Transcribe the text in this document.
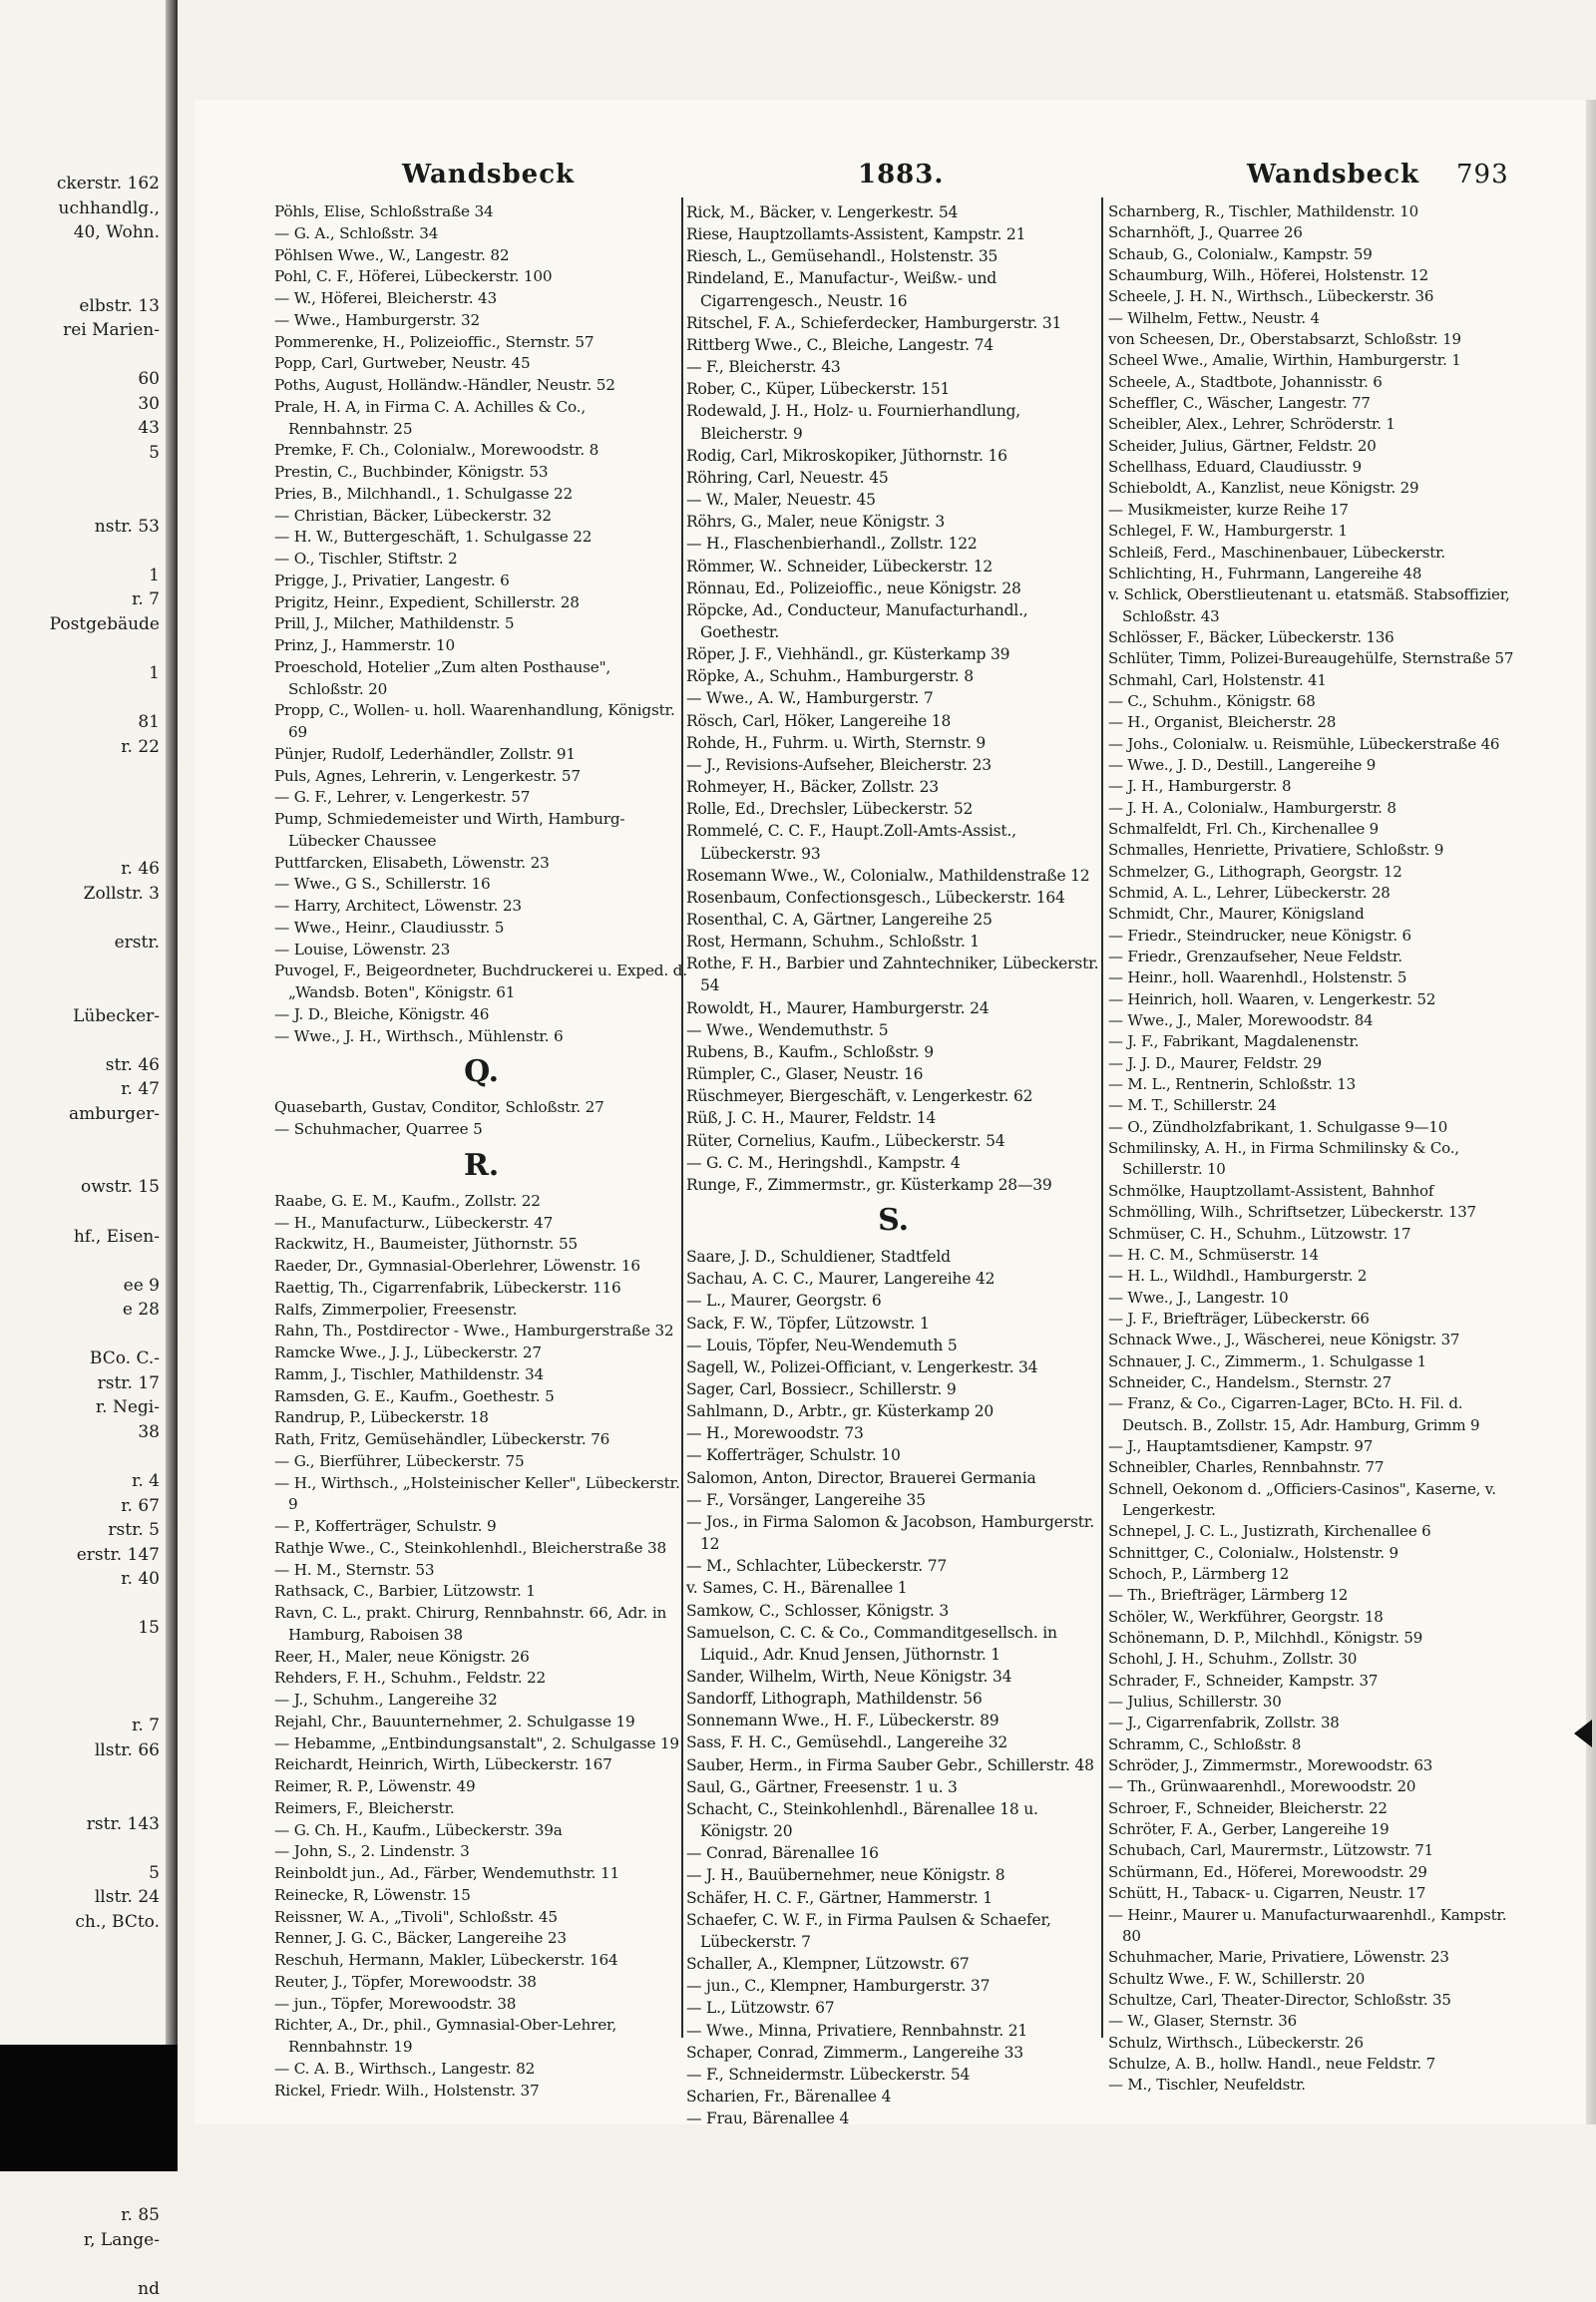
ckerstr. 162
uchhandlg.,
40, Wohn.
elbstr. 13
rei Marien-
60
30
43
5
nstr. 53
1
r. 7
Postgebäude
1
81
r. 22
r. 46
Zollstr. 3
erstr.
Lübecker-
str. 46
r. 47
amburger-
owstr. 15
hf., Eisen-
ee 9
e 28
BCo. C.-
rstr. 17
r. Negi-
38
r. 4
r. 67
rstr. 5
erstr. 147
r. 40
15
r. 7
llstr. 66
rstr. 143
5
llstr. 24
ch., BCto.
r. 85
r, Lange-
nd
Wandsbeck	1883.	Wandsbeck 793
Pöhls, Elise, Schloßstraße 34
— G. A., Schloßstr. 34
Pöhlsen Wwe., W., Langestr. 82
Pohl, C. F., Höferei, Lübeckerstr. 100
— W., Höferei, Bleicherstr. 43
— Wwe., Hamburgerstr. 32
Pommerenke, H., Polizeioffic., Sternstr. 57
Popp, Carl, Gurtweber, Neustr. 45
Poths, August, Holländw.-Händler, Neustr. 52
Prale, H. A, in Firma C. A. Achilles & Co., Rennbahnstr. 25
Premke, F. Ch., Colonialw., Morewoodstr. 8
Prestin, C., Buchbinder, Königstr. 53
Pries, B., Milchhandl., 1. Schulgasse 22
— Christian, Bäcker, Lübeckerstr. 32
— H. W., Buttergeschäft, 1. Schulgasse 22
— O., Tischler, Stiftstr. 2
Prigge, J., Privatier, Langestr. 6
Prigitz, Heinr., Expedient, Schillerstr. 28
Prill, J., Milcher, Mathildenstr. 5
Prinz, J., Hammerstr. 10
Proeschold, Hotelier „Zum alten Posthause", Schloßstr. 20
Propp, C., Wollen- u. holl. Waarenhandlung, Königstr. 69
Pünjer, Rudolf, Lederhändler, Zollstr. 91
Puls, Agnes, Lehrerin, v. Lengerkestr. 57
— G. F., Lehrer, v. Lengerkestr. 57
Pump, Schmiedemeister und Wirth, Hamburg-Lübecker Chaussee
Puttfarcken, Elisabeth, Löwenstr. 23
— Wwe., G S., Schillerstr. 16
— Harry, Architect, Löwenstr. 23
— Wwe., Heinr., Claudiusstr. 5
— Louise, Löwenstr. 23
Puvogel, F., Beigeordneter, Buchdruckerei u. Exped. d. „Wandsb. Boten", Königstr. 61
— J. D., Bleiche, Königstr. 46
— Wwe., J. H., Wirthsch., Mühlenstr. 6
Q.
Quasebarth, Gustav, Conditor, Schloßstr. 27
— Schuhmacher, Quarree 5
R.
Raabe, G. E. M., Kaufm., Zollstr. 22
— H., Manufacturw., Lübeckerstr. 47
Rackwitz, H., Baumeister, Jüthornstr. 55
Raeder, Dr., Gymnasial-Oberlehrer, Löwenstr. 16
Raettig, Th., Cigarrenfabrik, Lübeckerstr. 116
Ralfs, Zimmerpolier, Freesenstr.
Rahn, Th., Postdirector - Wwe., Hamburgerstraße 32
Ramcke Wwe., J. J., Lübeckerstr. 27
Ramm, J., Tischler, Mathildenstr. 34
Ramsden, G. E., Kaufm., Goethestr. 5
Randrup, P., Lübeckerstr. 18
Rath, Fritz, Gemüsehändler, Lübeckerstr. 76
— G., Bierführer, Lübeckerstr. 75
— H., Wirthsch., „Holsteinischer Keller", Lübeckerstr. 9
— P., Kofferträger, Schulstr. 9
Rathje Wwe., C., Steinkohlenhdl., Bleicherstraße 38
— H. M., Sternstr. 53
Rathsack, C., Barbier, Lützowstr. 1
Ravn, C. L., prakt. Chirurg, Rennbahnstr. 66, Adr. in Hamburg, Raboisen 38
Reer, H., Maler, neue Königstr. 26
Rehders, F. H., Schuhm., Feldstr. 22
— J., Schuhm., Langereihe 32
Rejahl, Chr., Bauunternehmer, 2. Schulgasse 19
— Hebamme, „Entbindungsanstalt", 2. Schulgasse 19
Reichardt, Heinrich, Wirth, Lübeckerstr. 167
Reimer, R. P., Löwenstr. 49
Reimers, F., Bleicherstr.
— G. Ch. H., Kaufm., Lübeckerstr. 39a
— John, S., 2. Lindenstr. 3
Reinboldt jun., Ad., Färber, Wendemuthstr. 11
Reinecke, R, Löwenstr. 15
Reissner, W. A., „Tivoli", Schloßstr. 45
Renner, J. G. C., Bäcker, Langereihe 23
Reschuh, Hermann, Makler, Lübeckerstr. 164
Reuter, J., Töpfer, Morewoodstr. 38
— jun., Töpfer, Morewoodstr. 38
Richter, A., Dr., phil., Gymnasial-Ober-Lehrer, Rennbahnstr. 19
— C. A. B., Wirthsch., Langestr. 82
Rickel, Friedr. Wilh., Holstenstr. 37
Rick, M., Bäcker, v. Lengerkestr. 54
Riese, Hauptzollamts-Assistent, Kampstr. 21
Riesch, L., Gemüsehandl., Holstenstr. 35
Rindeland, E., Manufactur-, Weißw.- und Cigarrengesch., Neustr. 16
Ritschel, F. A., Schieferdecker, Hamburgerstr. 31
Rittberg Wwe., C., Bleiche, Langestr. 74
— F., Bleicherstr. 43
Rober, C., Küper, Lübeckerstr. 151
Rodewald, J. H., Holz- u. Fournierhandlung, Bleicherstr. 9
Rodig, Carl, Mikroskopiker, Jüthornstr. 16
Röhring, Carl, Neuestr. 45
— W., Maler, Neuestr. 45
Röhrs, G., Maler, neue Königstr. 3
— H., Flaschenbierhandl., Zollstr. 122
Römmer, W.. Schneider, Lübeckerstr. 12
Rönnau, Ed., Polizeioffic., neue Königstr. 28
Röpcke, Ad., Conducteur, Manufacturhandl., Goethestr.
Röper, J. F., Viehhändl., gr. Küsterkamp 39
Röpke, A., Schuhm., Hamburgerstr. 8
— Wwe., A. W., Hamburgerstr. 7
Rösch, Carl, Höker, Langereihe 18
Rohde, H., Fuhrm. u. Wirth, Sternstr. 9
— J., Revisions-Aufseher, Bleicherstr. 23
Rohmeyer, H., Bäcker, Zollstr. 23
Rolle, Ed., Drechsler, Lübeckerstr. 52
Rommelé, C. C. F., Haupt.Zoll-Amts-Assist., Lübeckerstr. 93
Rosemann Wwe., W., Colonialw., Mathildenstraße 12
Rosenbaum, Confectionsgesch., Lübeckerstr. 164
Rosenthal, C. A, Gärtner, Langereihe 25
Rost, Hermann, Schuhm., Schloßstr. 1
Rothe, F. H., Barbier und Zahntechniker, Lübeckerstr. 54
Rowoldt, H., Maurer, Hamburgerstr. 24
— Wwe., Wendemuthstr. 5
Rubens, B., Kaufm., Schloßstr. 9
Rümpler, C., Glaser, Neustr. 16
Rüschmeyer, Biergeschäft, v. Lengerkestr. 62
Rüß, J. C. H., Maurer, Feldstr. 14
Rüter, Cornelius, Kaufm., Lübeckerstr. 54
— G. C. M., Heringshdl., Kampstr. 4
Runge, F., Zimmermstr., gr. Küsterkamp 28—39
S.
Saare, J. D., Schuldiener, Stadtfeld
Sachau, A. C. C., Maurer, Langereihe 42
— L., Maurer, Georgstr. 6
Sack, F. W., Töpfer, Lützowstr. 1
— Louis, Töpfer, Neu-Wendemuth 5
Sagell, W., Polizei-Officiant, v. Lengerkestr. 34
Sager, Carl, Bossiecr., Schillerstr. 9
Sahlmann, D., Arbtr., gr. Küsterkamp 20
— H., Morewoodstr. 73
— Kofferträger, Schulstr. 10
Salomon, Anton, Director, Brauerei Germania
— F., Vorsänger, Langereihe 35
— Jos., in Firma Salomon & Jacobson, Hamburgerstr. 12
— M., Schlachter, Lübeckerstr. 77
v. Sames, C. H., Bärenallee 1
Samkow, C., Schlosser, Königstr. 3
Samuelson, C. C. & Co., Commanditgesellsch. in Liquid., Adr. Knud Jensen, Jüthornstr. 1
Sander, Wilhelm, Wirth, Neue Königstr. 34
Sandorff, Lithograph, Mathildenstr. 56
Sonnemann Wwe., H. F., Lübeckerstr. 89
Sass, F. H. C., Gemüsehdl., Langereihe 32
Sauber, Herm., in Firma Sauber Gebr., Schillerstr. 48
Saul, G., Gärtner, Freesenstr. 1 u. 3
Schacht, C., Steinkohlenhdl., Bärenallee 18 u. Königstr. 20
— Conrad, Bärenallee 16
— J. H., Bauübernehmer, neue Königstr. 8
Schäfer, H. C. F., Gärtner, Hammerstr. 1
Schaefer, C. W. F., in Firma Paulsen & Schaefer, Lübeckerstr. 7
Schaller, A., Klempner, Lützowstr. 67
— jun., C., Klempner, Hamburgerstr. 37
— L., Lützowstr. 67
— Wwe., Minna, Privatiere, Rennbahnstr. 21
Schaper, Conrad, Zimmerm., Langereihe 33
— F., Schneidermstr. Lübeckerstr. 54
Scharien, Fr., Bärenallee 4
— Frau, Bärenallee 4
Scharnberg, R., Tischler, Mathildenstr. 10
Scharnhöft, J., Quarree 26
Schaub, G., Colonialw., Kampstr. 59
Schaumburg, Wilh., Höferei, Holstenstr. 12
Scheele, J. H. N., Wirthsch., Lübeckerstr. 36
— Wilhelm, Fettw., Neustr. 4
von Scheesen, Dr., Oberstabsarzt, Schloßstr. 19
Scheel Wwe., Amalie, Wirthin, Hamburgerstr. 1
Scheele, A., Stadtbote, Johannisstr. 6
Scheffler, C., Wäscher, Langestr. 77
Scheibler, Alex., Lehrer, Schröderstr. 1
Scheider, Julius, Gärtner, Feldstr. 20
Schellhass, Eduard, Claudiusstr. 9
Schieboldt, A., Kanzlist, neue Königstr. 29
— Musikmeister, kurze Reihe 17
Schlegel, F. W., Hamburgerstr. 1
Schleiß, Ferd., Maschinenbauer, Lübeckerstr.
Schlichting, H., Fuhrmann, Langereihe 48
v. Schlick, Oberstlieutenant u. etatsmäß. Stabsoffizier, Schloßstr. 43
Schlösser, F., Bäcker, Lübeckerstr. 136
Schlüter, Timm, Polizei-Bureaugehülfe, Sternstraße 57
Schmahl, Carl, Holstenstr. 41
— C., Schuhm., Königstr. 68
— H., Organist, Bleicherstr. 28
— Johs., Colonialw. u. Reismühle, Lübeckerstraße 46
— Wwe., J. D., Destill., Langereihe 9
— J. H., Hamburgerstr. 8
— J. H. A., Colonialw., Hamburgerstr. 8
Schmalfeldt, Frl. Ch., Kirchenallee 9
Schmalles, Henriette, Privatiere, Schloßstr. 9
Schmelzer, G., Lithograph, Georgstr. 12
Schmid, A. L., Lehrer, Lübeckerstr. 28
Schmidt, Chr., Maurer, Königsland
— Friedr., Steindrucker, neue Königstr. 6
— Friedr., Grenzaufseher, Neue Feldstr.
— Heinr., holl. Waarenhdl., Holstenstr. 5
— Heinrich, holl. Waaren, v. Lengerkestr. 52
— Wwe., J., Maler, Morewoodstr. 84
— J. F., Fabrikant, Magdalenenstr.
— J. J. D., Maurer, Feldstr. 29
— M. L., Rentnerin, Schloßstr. 13
— M. T., Schillerstr. 24
— O., Zündholzfabrikant, 1. Schulgasse 9—10
Schmilinsky, A. H., in Firma Schmilinsky & Co., Schillerstr. 10
Schmölke, Hauptzollamt-Assistent, Bahnhof
Schmölling, Wilh., Schriftsetzer, Lübeckerstr. 137
Schmüser, C. H., Schuhm., Lützowstr. 17
— H. C. M., Schmüserstr. 14
— H. L., Wildhdl., Hamburgerstr. 2
— Wwe., J., Langestr. 10
— J. F., Briefträger, Lübeckerstr. 66
Schnack Wwe., J., Wäscherei, neue Königstr. 37
Schnauer, J. C., Zimmerm., 1. Schulgasse 1
Schneider, C., Handelsm., Sternstr. 27
— Franz, & Co., Cigarren-Lager, BCto. H. Fil. d. Deutsch. B., Zollstr. 15, Adr. Hamburg, Grimm 9
— J., Hauptamtsdiener, Kampstr. 97
Schneibler, Charles, Rennbahnstr. 77
Schnell, Oekonom d. „Officiers-Casinos", Kaserne, v. Lengerkestr.
Schnepel, J. C. L., Justizrath, Kirchenallee 6
Schnittger, C., Colonialw., Holstenstr. 9
Schoch, P., Lärmberg 12
— Th., Briefträger, Lärmberg 12
Schöler, W., Werkführer, Georgstr. 18
Schönemann, D. P., Milchhdl., Königstr. 59
Schohl, J. H., Schuhm., Zollstr. 30
Schrader, F., Schneider, Kampstr. 37
— Julius, Schillerstr. 30
— J., Cigarrenfabrik, Zollstr. 38
Schramm, C., Schloßstr. 8
Schröder, J., Zimmermstr., Morewoodstr. 63
— Th., Grünwaarenhdl., Morewoodstr. 20
Schroer, F., Schneider, Bleicherstr. 22
Schröter, F. A., Gerber, Langereihe 19
Schubach, Carl, Maurermstr., Lützowstr. 71
Schürmann, Ed., Höferei, Morewoodstr. 29
Schütt, H., Tabacк- u. Cigarren, Neustr. 17
— Heinr., Maurer u. Manufacturwaarenhdl., Kampstr. 80
Schuhmacher, Marie, Privatiere, Löwenstr. 23
Schultz Wwe., F. W., Schillerstr. 20
Schultze, Carl, Theater-Director, Schloßstr. 35
— W., Glaser, Sternstr. 36
Schulz, Wirthsch., Lübeckerstr. 26
Schulze, A. B., hollw. Handl., neue Feldstr. 7
— M., Tischler, Neufeldstr.
